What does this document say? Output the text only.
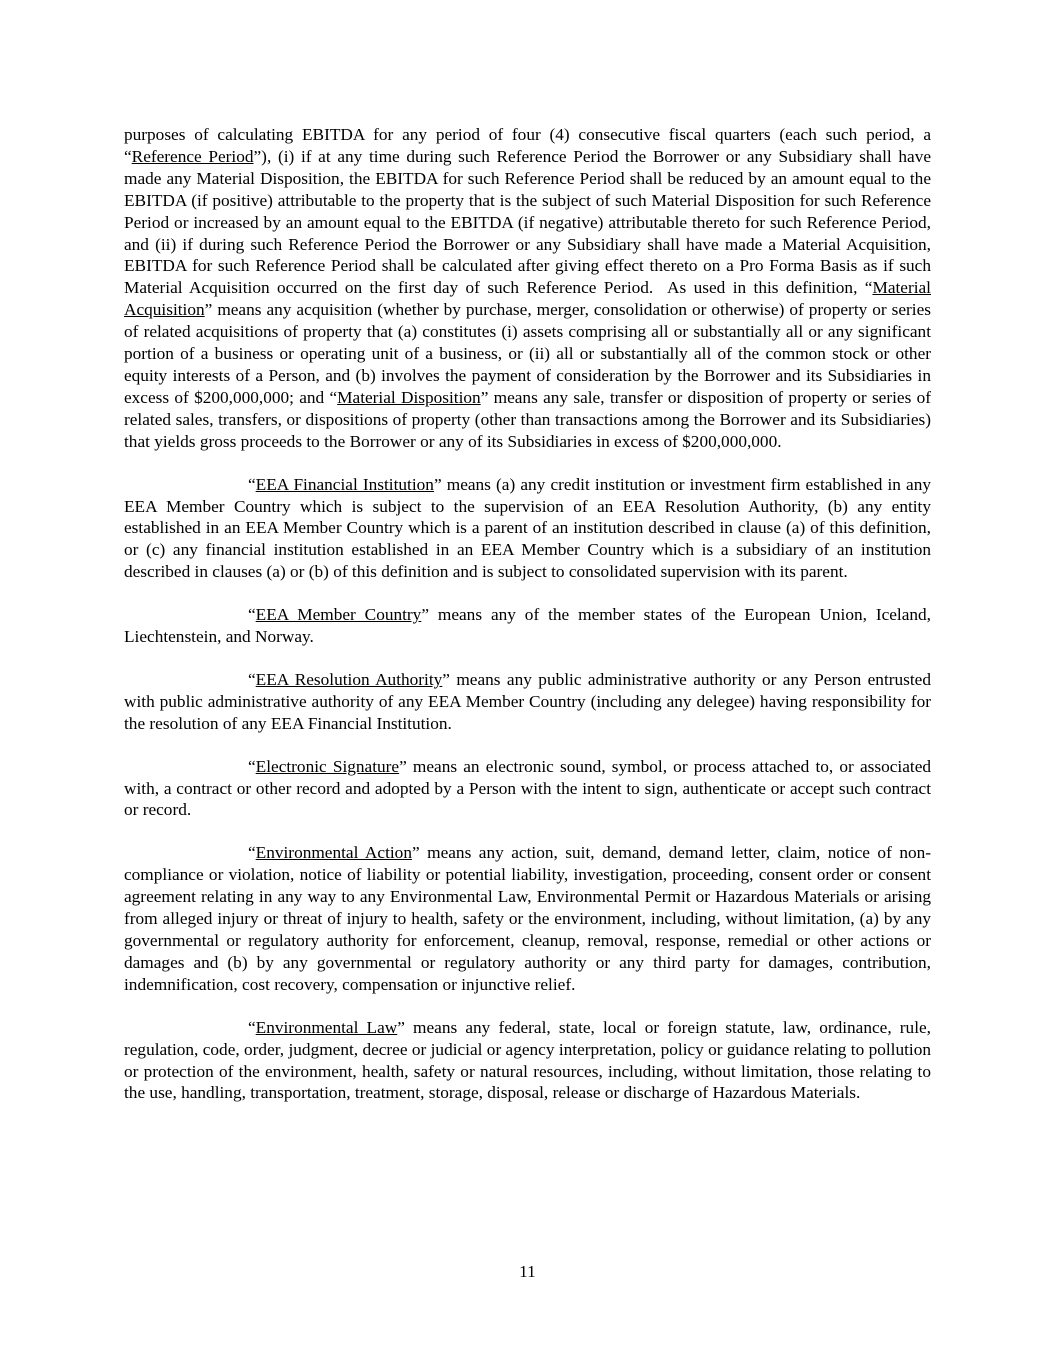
purposes of calculating EBITDA for any period of four (4) consecutive fiscal quarters (each such period, a “Reference Period”), (i) if at any time during such Reference Period the Borrower or any Subsidiary shall have made any Material Disposition, the EBITDA for such Reference Period shall be reduced by an amount equal to the EBITDA (if positive) attributable to the property that is the subject of such Material Disposition for such Reference Period or increased by an amount equal to the EBITDA (if negative) attributable thereto for such Reference Period, and (ii) if during such Reference Period the Borrower or any Subsidiary shall have made a Material Acquisition, EBITDA for such Reference Period shall be calculated after giving effect thereto on a Pro Forma Basis as if such Material Acquisition occurred on the first day of such Reference Period.  As used in this definition, “Material Acquisition” means any acquisition (whether by purchase, merger, consolidation or otherwise) of property or series of related acquisitions of property that (a) constitutes (i) assets comprising all or substantially all or any significant portion of a business or operating unit of a business, or (ii) all or substantially all of the common stock or other equity interests of a Person, and (b) involves the payment of consideration by the Borrower and its Subsidiaries in excess of $200,000,000; and “Material Disposition” means any sale, transfer or disposition of property or series of related sales, transfers, or dispositions of property (other than transactions among the Borrower and its Subsidiaries) that yields gross proceeds to the Borrower or any of its Subsidiaries in excess of $200,000,000.

“EEA Financial Institution” means (a) any credit institution or investment firm established in any EEA Member Country which is subject to the supervision of an EEA Resolution Authority, (b) any entity established in an EEA Member Country which is a parent of an institution described in clause (a) of this definition, or (c) any financial institution established in an EEA Member Country which is a subsidiary of an institution described in clauses (a) or (b) of this definition and is subject to consolidated supervision with its parent.

“EEA Member Country” means any of the member states of the European Union, Iceland, Liechtenstein, and Norway.

“EEA Resolution Authority” means any public administrative authority or any Person entrusted with public administrative authority of any EEA Member Country (including any delegee) having responsibility for the resolution of any EEA Financial Institution.

“Electronic Signature” means an electronic sound, symbol, or process attached to, or associated with, a contract or other record and adopted by a Person with the intent to sign, authenticate or accept such contract or record.

“Environmental Action” means any action, suit, demand, demand letter, claim, notice of non-compliance or violation, notice of liability or potential liability, investigation, proceeding, consent order or consent agreement relating in any way to any Environmental Law, Environmental Permit or Hazardous Materials or arising from alleged injury or threat of injury to health, safety or the environment, including, without limitation, (a) by any governmental or regulatory authority for enforcement, cleanup, removal, response, remedial or other actions or damages and (b) by any governmental or regulatory authority or any third party for damages, contribution, indemnification, cost recovery, compensation or injunctive relief.

“Environmental Law” means any federal, state, local or foreign statute, law, ordinance, rule, regulation, code, order, judgment, decree or judicial or agency interpretation, policy or guidance relating to pollution or protection of the environment, health, safety or natural resources, including, without limitation, those relating to the use, handling, transportation, treatment, storage, disposal, release or discharge of Hazardous Materials.

11
